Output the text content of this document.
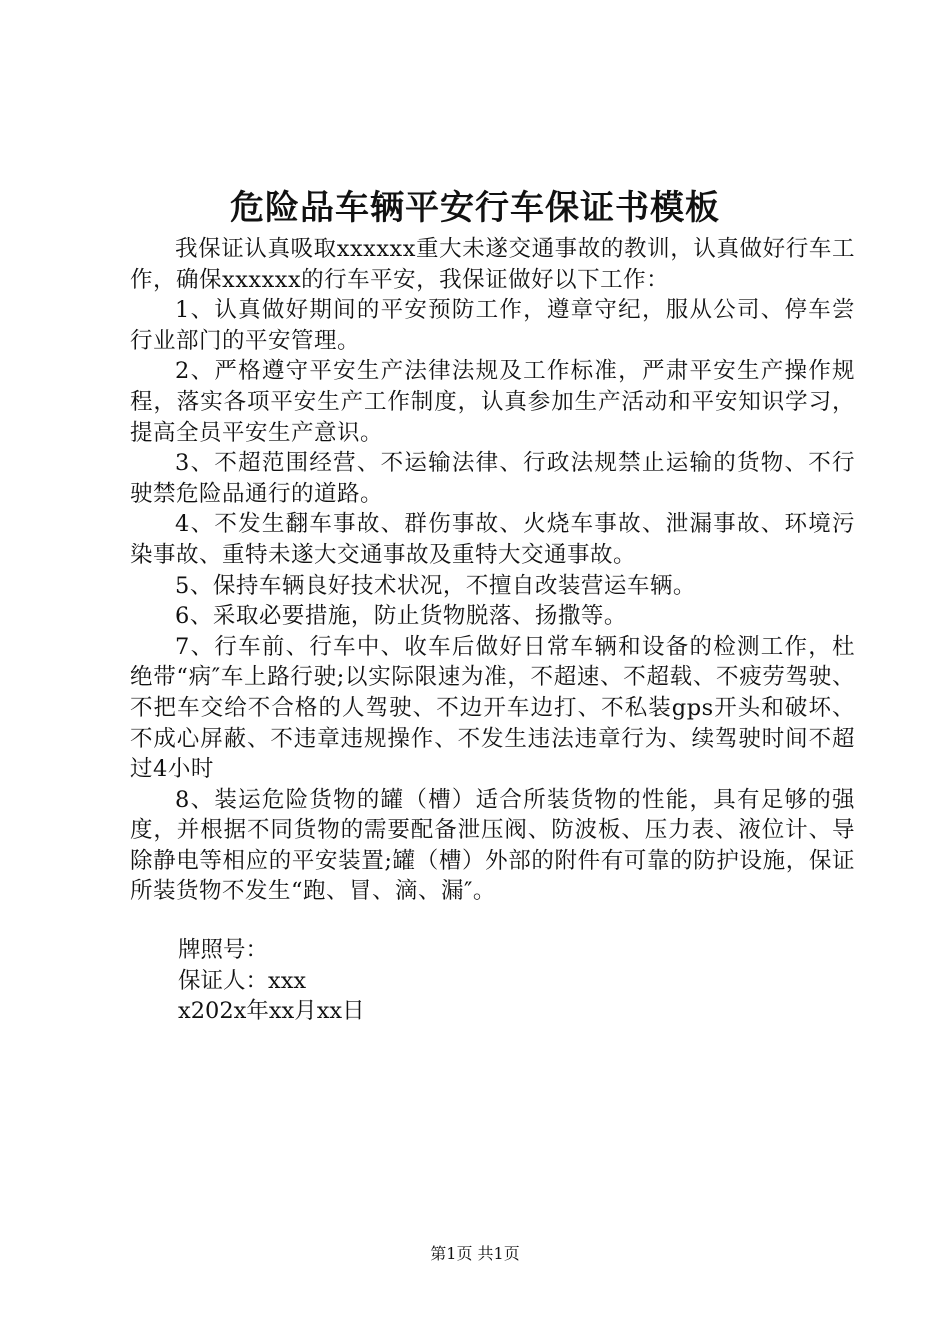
危险品车辆平安行车保证书模板

我保证认真吸取xxxxxx重大未遂交通事故的教训，认真做好行车工作，确保xxxxxx的行车平安，我保证做好以下工作：

1、认真做好期间的平安预防工作，遵章守纪，服从公司、停车尝行业部门的平安管理。

2、严格遵守平安生产法律法规及工作标准，严肃平安生产操作规程，落实各项平安生产工作制度，认真参加生产活动和平安知识学习，提高全员平安生产意识。

3、不超范围经营、不运输法律、行政法规禁止运输的货物、不行驶禁危险品通行的道路。

4、不发生翻车事故、群伤事故、火烧车事故、泄漏事故、环境污染事故、重特未遂大交通事故及重特大交通事故。

5、保持车辆良好技术状况，不擅自改装营运车辆。

6、采取必要措施，防止货物脱落、扬撒等。

7、行车前、行车中、收车后做好日常车辆和设备的检测工作，杜绝带“病″车上路行驶;以实际限速为准，不超速、不超载、不疲劳驾驶、不把车交给不合格的人驾驶、不边开车边打、不私装gps开头和破坏、不成心屏蔽、不违章违规操作、不发生违法违章行为、续驾驶时间不超过4小时

8、装运危险货物的罐（槽）适合所装货物的性能，具有足够的强度，并根据不同货物的需要配备泄压阀、防波板、压力表、液位计、导除静电等相应的平安装置;罐（槽）外部的附件有可靠的防护设施，保证所装货物不发生“跑、冒、滴、漏″。

牌照号：

保证人：xxx

x202x年xx月xx日

第1页 共1页
